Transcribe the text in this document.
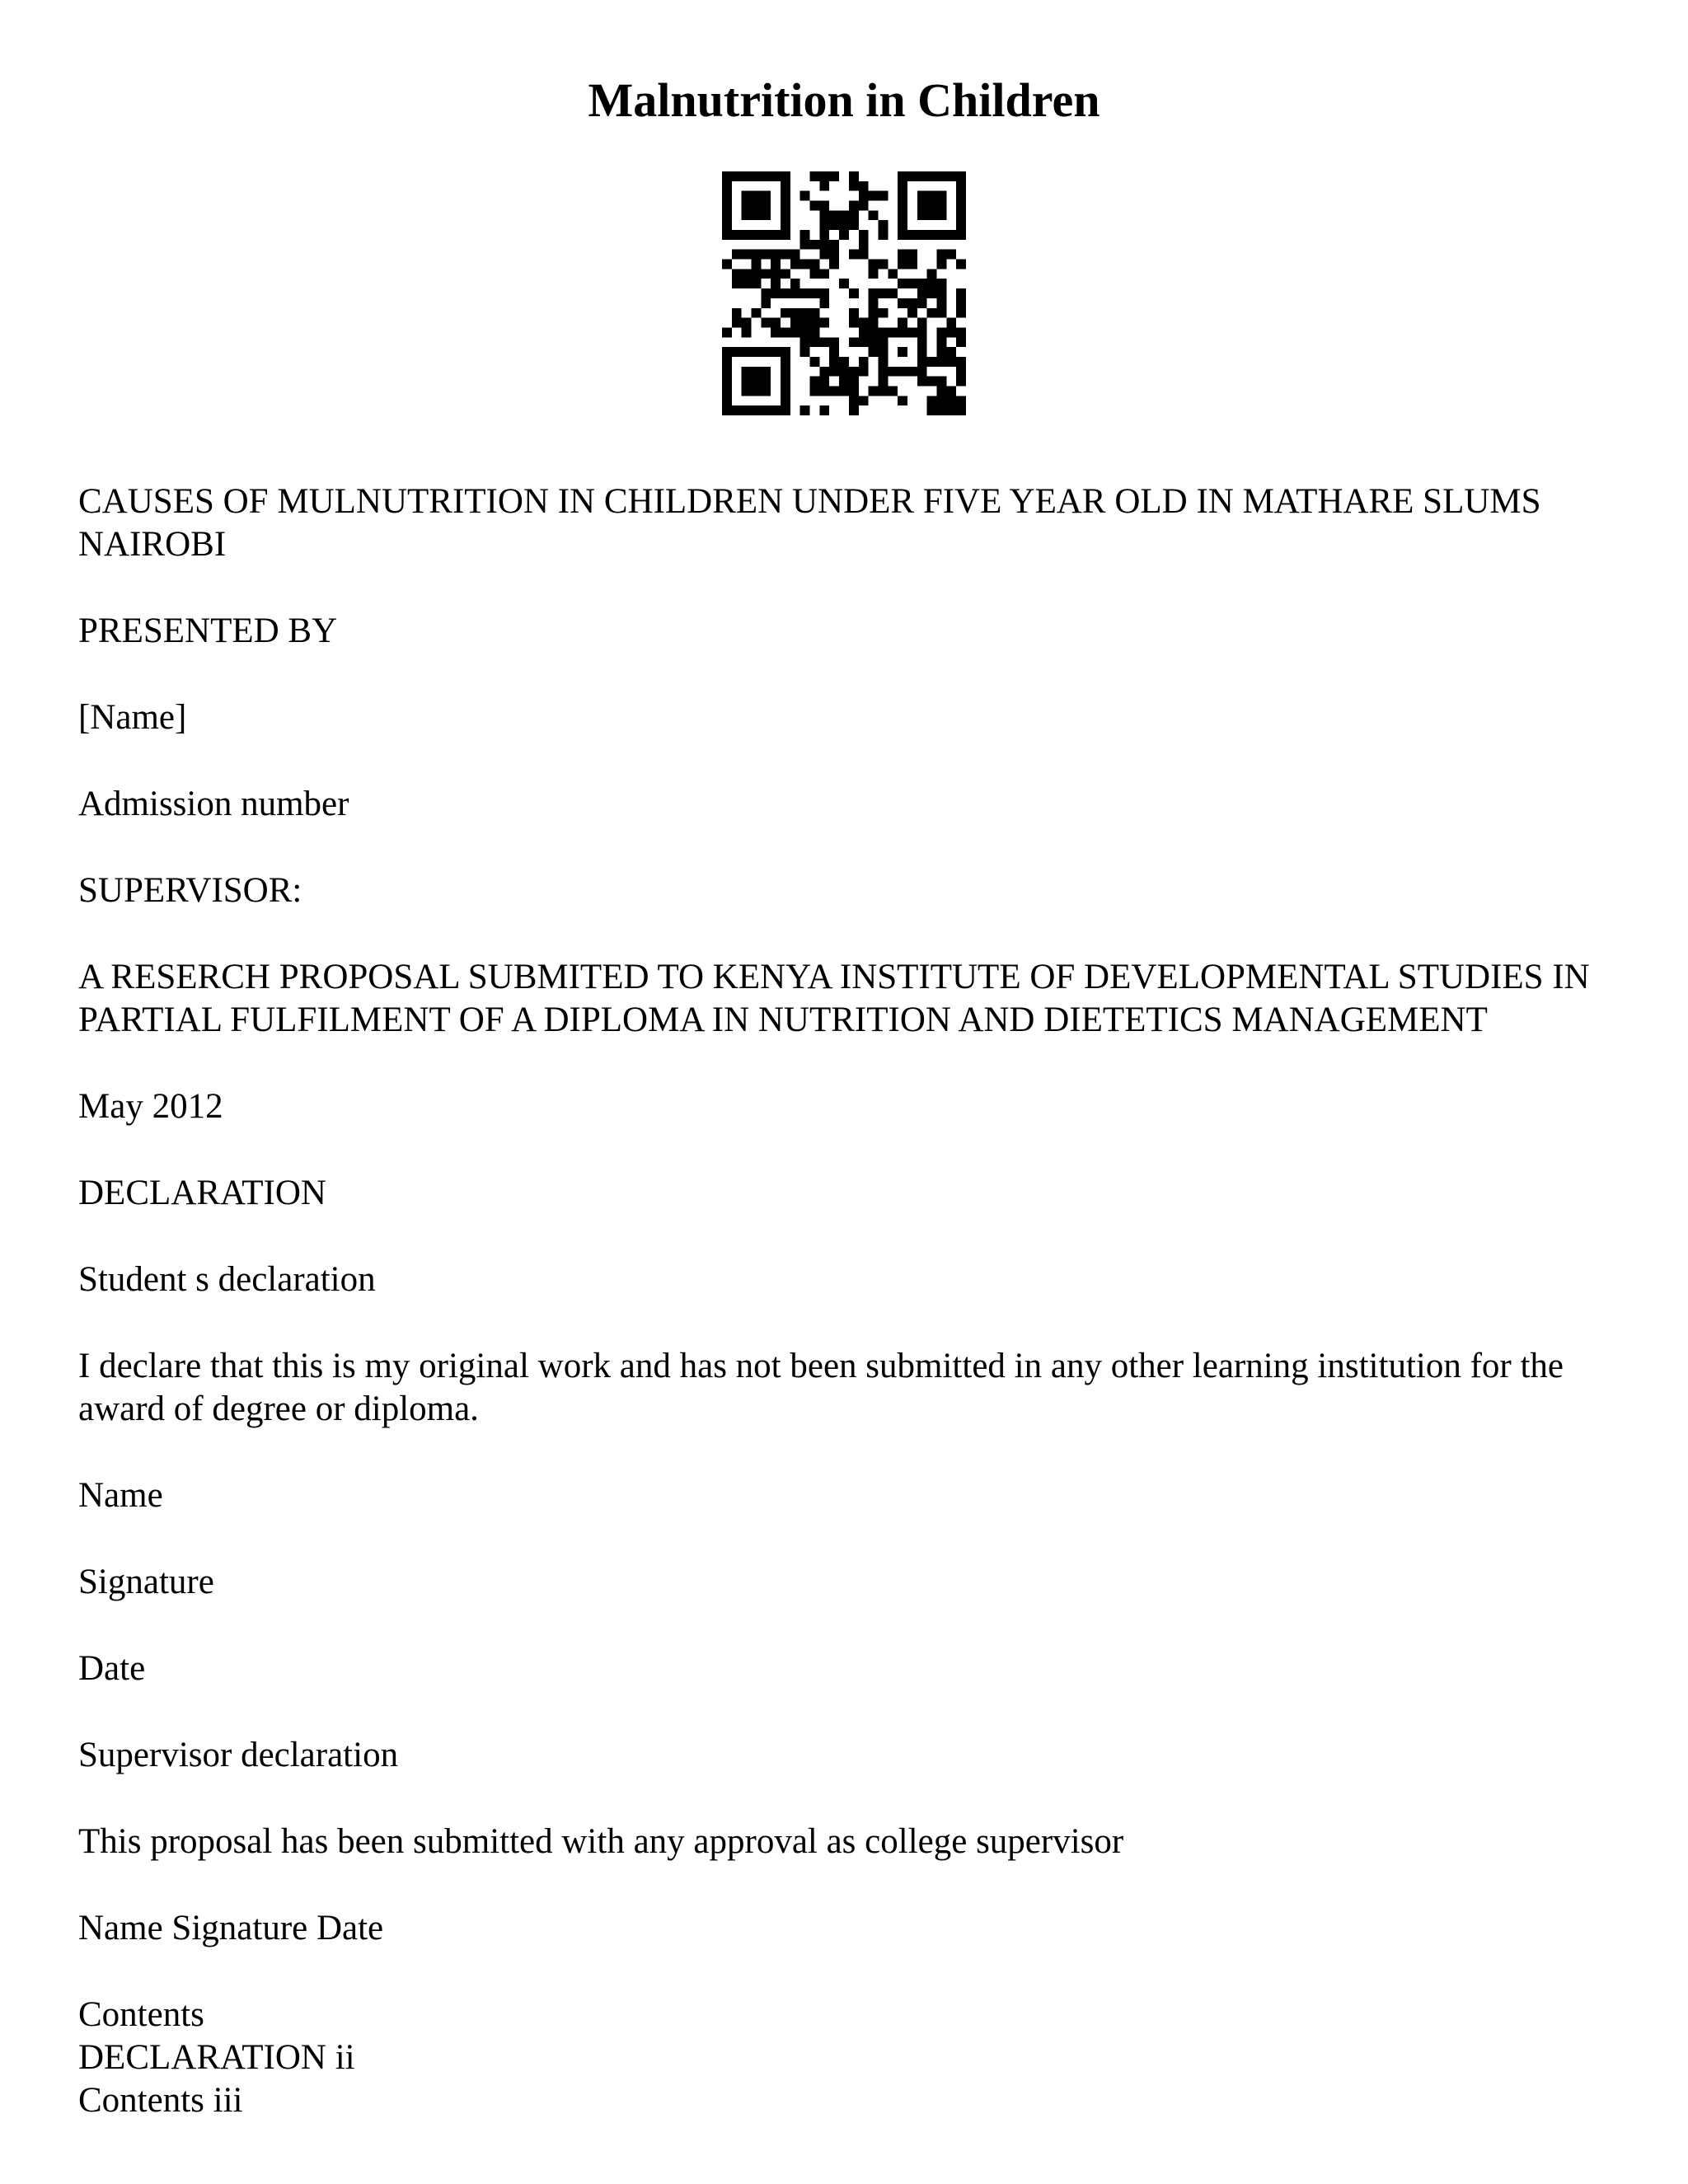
Malnutrition in Children

CAUSES OF MULNUTRITION IN CHILDREN UNDER FIVE YEAR OLD IN MATHARE SLUMS NAIROBI

PRESENTED BY

[Name]

Admission number

SUPERVISOR:

A RESERCH PROPOSAL SUBMITED TO KENYA INSTITUTE OF DEVELOPMENTAL STUDIES IN PARTIAL FULFILMENT OF A DIPLOMA IN NUTRITION AND DIETETICS MANAGEMENT

May 2012

DECLARATION

Student s declaration

I declare that this is my original work and has not been submitted in any other learning institution for the award of degree or diploma.

Name

Signature

Date

Supervisor declaration

This proposal has been submitted with any approval as college supervisor

Name Signature Date

Contents

DECLARATION ii

Contents iii
